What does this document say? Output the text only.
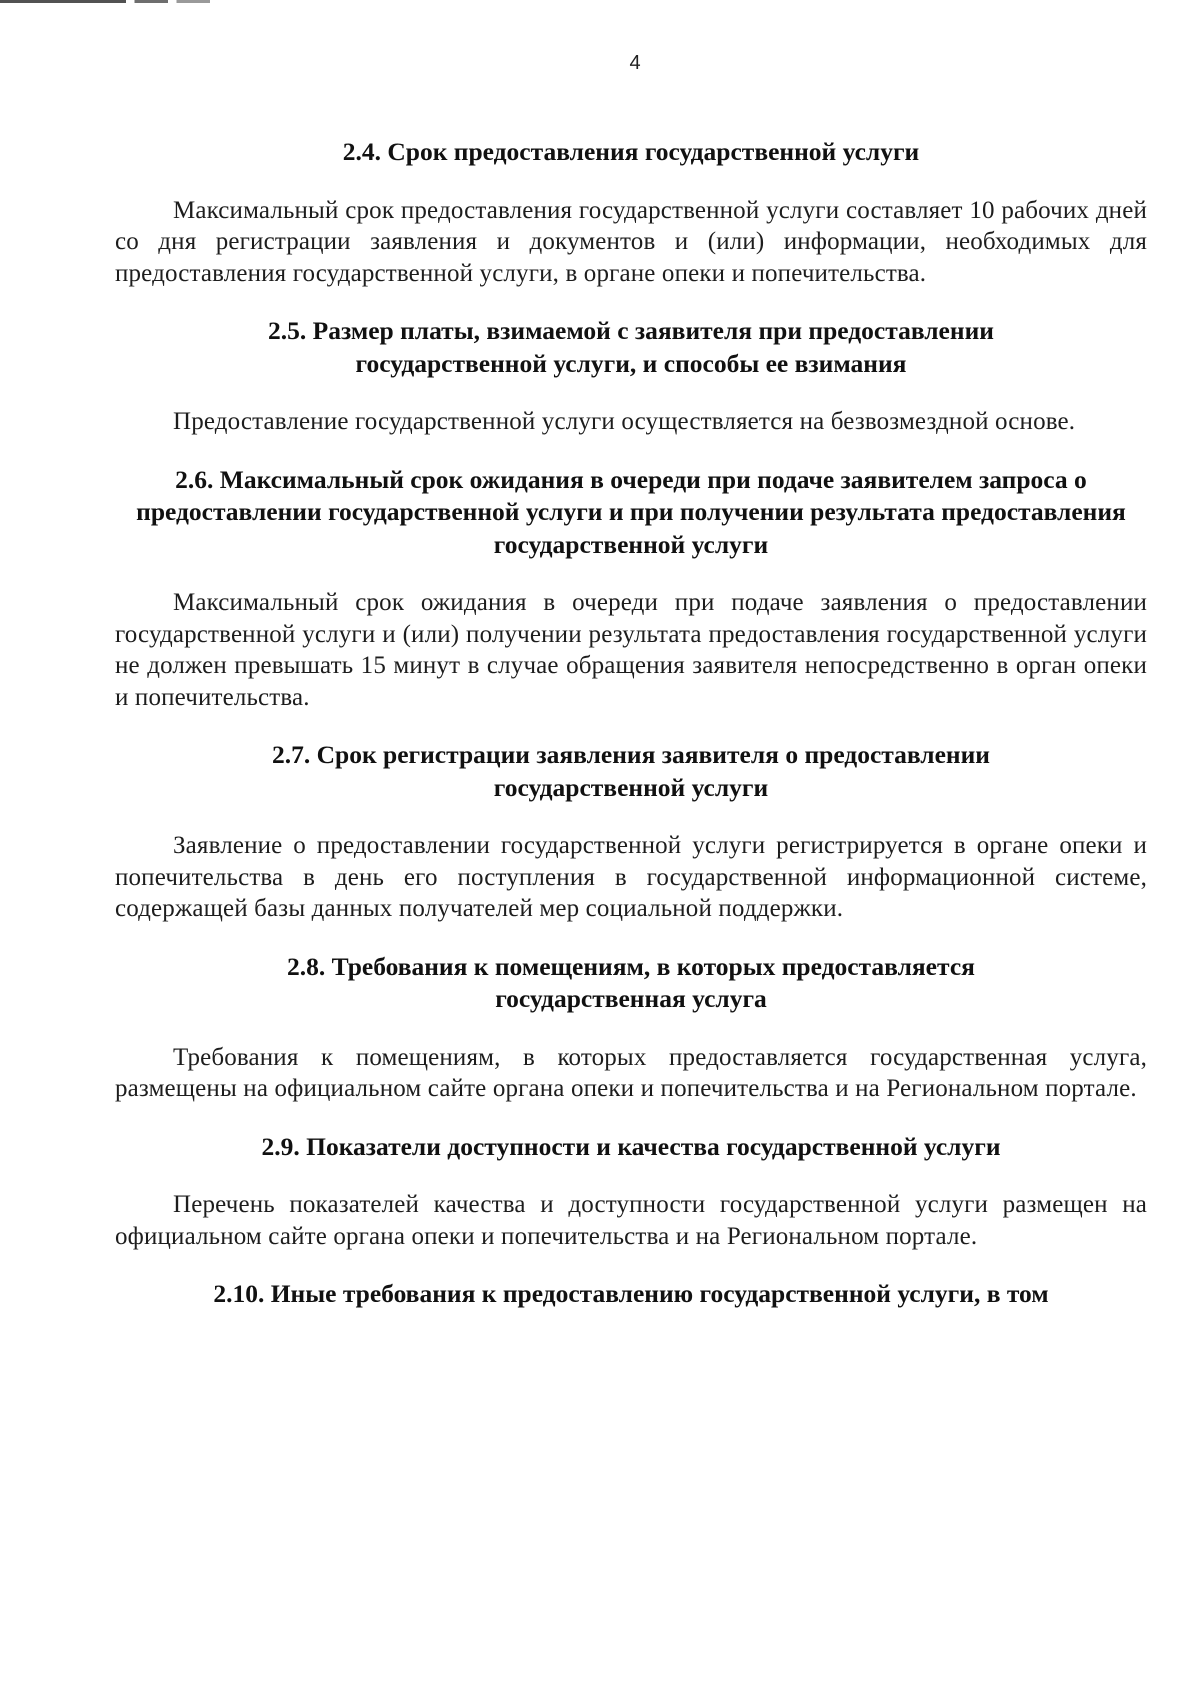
4
2.4. Срок предоставления государственной услуги

Максимальный срок предоставления государственной услуги составляет 10 рабочих дней со дня регистрации заявления и документов и (или) информации, необходимых для предоставления государственной услуги, в органе опеки и попечительства.

2.5. Размер платы, взимаемой с заявителя при предоставлении государственной услуги, и способы ее взимания

Предоставление государственной услуги осуществляется на безвозмездной основе.

2.6. Максимальный срок ожидания в очереди при подаче заявителем запроса о предоставлении государственной услуги и при получении результата предоставления государственной услуги

Максимальный срок ожидания в очереди при подаче заявления о предоставлении государственной услуги и (или) получении результата предоставления государственной услуги не должен превышать 15 минут в случае обращения заявителя непосредственно в орган опеки и попечительства.

2.7. Срок регистрации заявления заявителя о предоставлении государственной услуги

Заявление о предоставлении государственной услуги регистрируется в органе опеки и попечительства в день его поступления в государственной информационной системе, содержащей базы данных получателей мер социальной поддержки.

2.8. Требования к помещениям, в которых предоставляется государственная услуга

Требования к помещениям, в которых предоставляется государственная услуга, размещены на официальном сайте органа опеки и попечительства и на Региональном портале.

2.9. Показатели доступности и качества государственной услуги

Перечень показателей качества и доступности государственной услуги размещен на официальном сайте органа опеки и попечительства и на Региональном портале.

2.10. Иные требования к предоставлению государственной услуги, в том
